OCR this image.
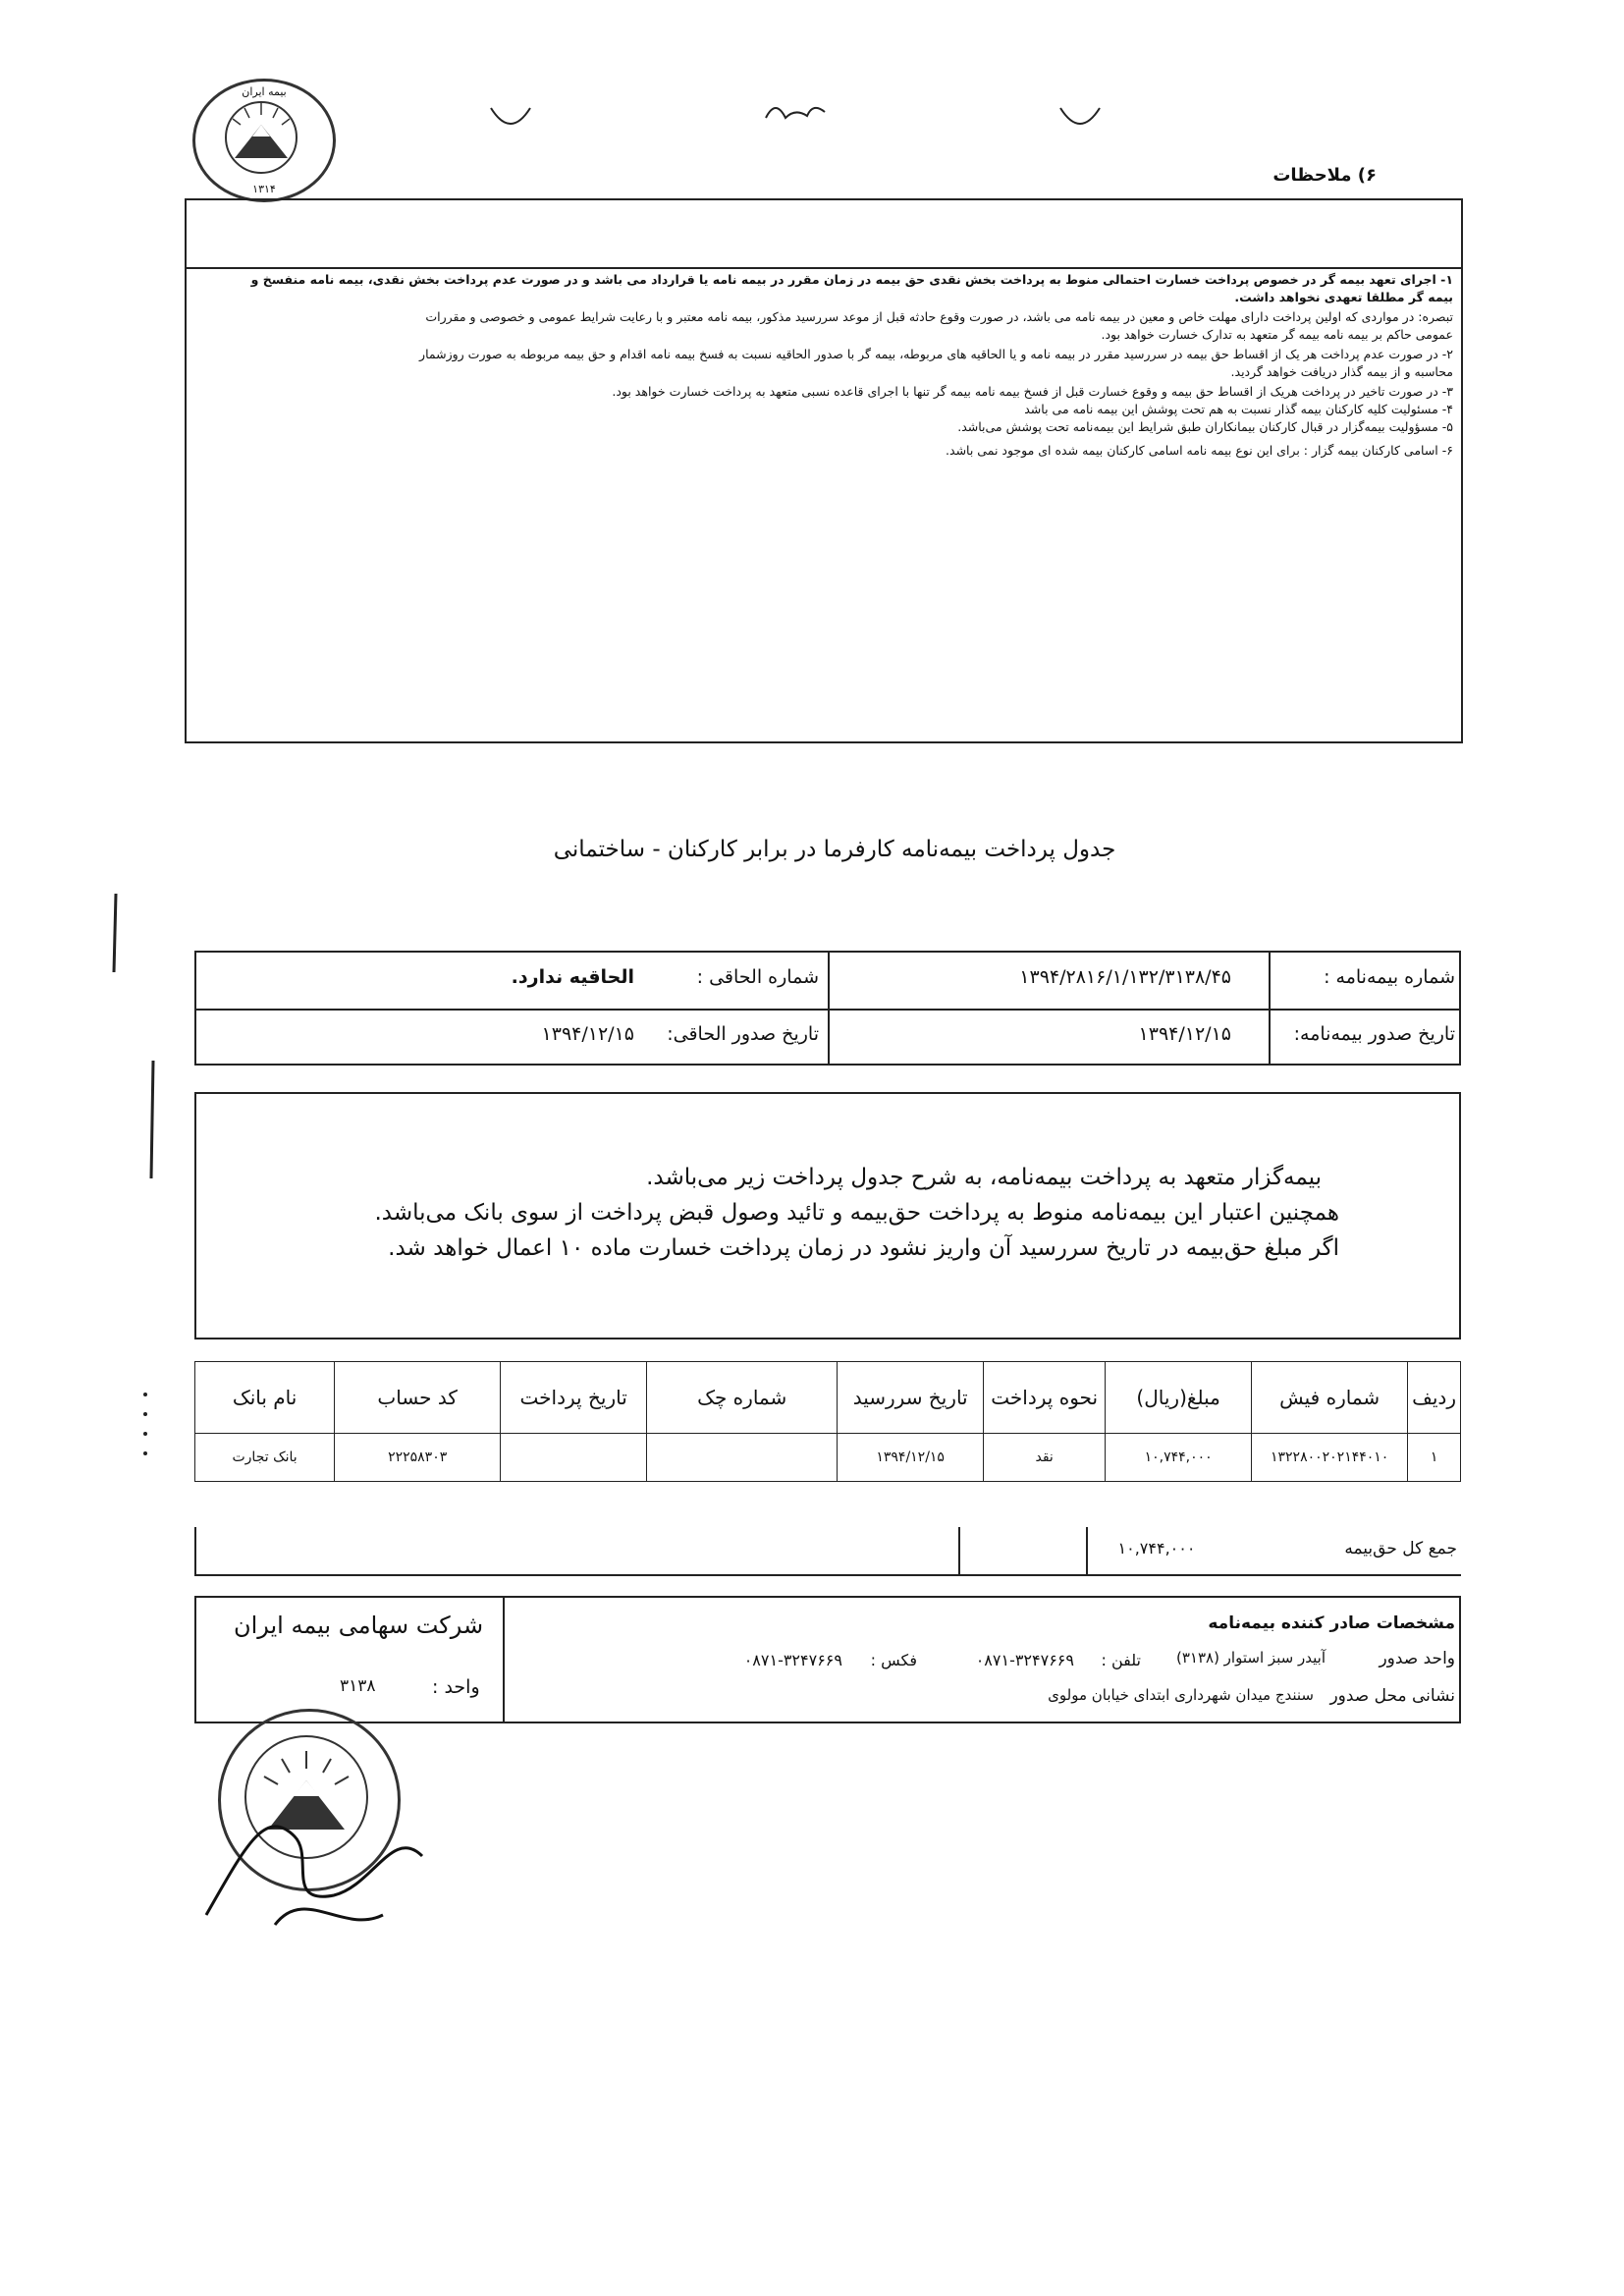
بیمه ایران
۱۳۱۴
۶) ملاحظات
۱- اجرای تعهد بیمه گر در خصوص پرداخت خسارت احتمالی منوط به پرداخت بخش نقدی حق بیمه در زمان مقرر در بیمه نامه یا قرارداد می باشد و در صورت عدم پرداخت بخش نقدی، بیمه نامه منفسخ و
بیمه گر مطلقا تعهدی نخواهد داشت.
تبصره: در مواردی که اولین پرداخت دارای مهلت خاص و معین در بیمه نامه می باشد، در صورت وقوع حادثه قبل از موعد سررسید مذکور، بیمه نامه معتبر و با رعایت شرایط عمومی و خصوصی و مقررات
عمومی حاکم بر بیمه نامه بیمه گر متعهد به تدارک خسارت خواهد بود.
۲- در صورت عدم پرداخت هر یک از اقساط حق بیمه در سررسید مقرر در بیمه نامه و یا الحاقیه های مربوطه، بیمه گر با صدور الحاقیه نسبت به فسخ بیمه نامه اقدام و حق بیمه مربوطه به صورت روزشمار
محاسبه و از بیمه گذار دریافت خواهد گردید.
۳- در صورت تاخیر در پرداخت هریک از اقساط حق بیمه و وقوع خسارت قبل از فسخ بیمه نامه بیمه گر تنها با اجرای قاعده نسبی متعهد به پرداخت خسارت خواهد بود.
۴- مسئولیت کلیه کارکنان بیمه گذار نسبت به هم تحت پوشش این بیمه نامه می باشد
۵- مسؤولیت بیمه‌گزار در قبال کارکنان بیمانکاران طبق شرایط این بیمه‌نامه تحت پوشش می‌باشد.
۶- اسامی کارکنان بیمه گزار : برای این نوع بیمه نامه اسامی کارکنان بیمه شده ای موجود نمی باشد.
جدول پرداخت بیمه‌نامه کارفرما در برابر کارکنان - ساختمانی
شماره بیمه‌نامه :
۱۳۹۴/۲۸۱۶/۱/۱۳۲/۳۱۳۸/۴۵
شماره الحاقی :
الحاقیه ندارد.
تاریخ صدور بیمه‌نامه:
۱۳۹۴/۱۲/۱۵
تاریخ صدور الحاقی:
۱۳۹۴/۱۲/۱۵
بیمه‌گزار متعهد به پرداخت بیمه‌نامه، به شرح جدول پرداخت زیر می‌باشد.
همچنین اعتبار این بیمه‌نامه منوط به پرداخت حق‌بیمه و تائید وصول قبض پرداخت از سوی بانک می‌باشد.
اگر مبلغ حق‌بیمه در تاریخ سررسید آن واریز نشود در زمان پرداخت خسارت ماده ۱۰ اعمال خواهد شد.
ردیف	شماره فیش	مبلغ(ریال)	نحوه پرداخت	تاریخ سررسید	شماره چک	تاریخ پرداخت	کد حساب	نام بانک
۱	۱۳۲۲۸۰۰۲۰۲۱۴۴۰۱۰	۱۰,۷۴۴,۰۰۰	نقد	۱۳۹۴/۱۲/۱۵			۲۲۲۵۸۳۰۳	بانک تجارت
جمع کل حق‌بیمه
۱۰,۷۴۴,۰۰۰
مشخصات صادر کننده بیمه‌نامه
واحد صدور
آبیدر سبز استوار (۳۱۳۸)
تلفن :
۰۸۷۱-۳۲۴۷۶۶۹
فکس :
۰۸۷۱-۳۲۴۷۶۶۹
نشانی محل صدور
سنندج میدان شهرداری ابتدای خیابان مولوی
شرکت سهامی بیمه ایران
واحد :
۳۱۳۸
